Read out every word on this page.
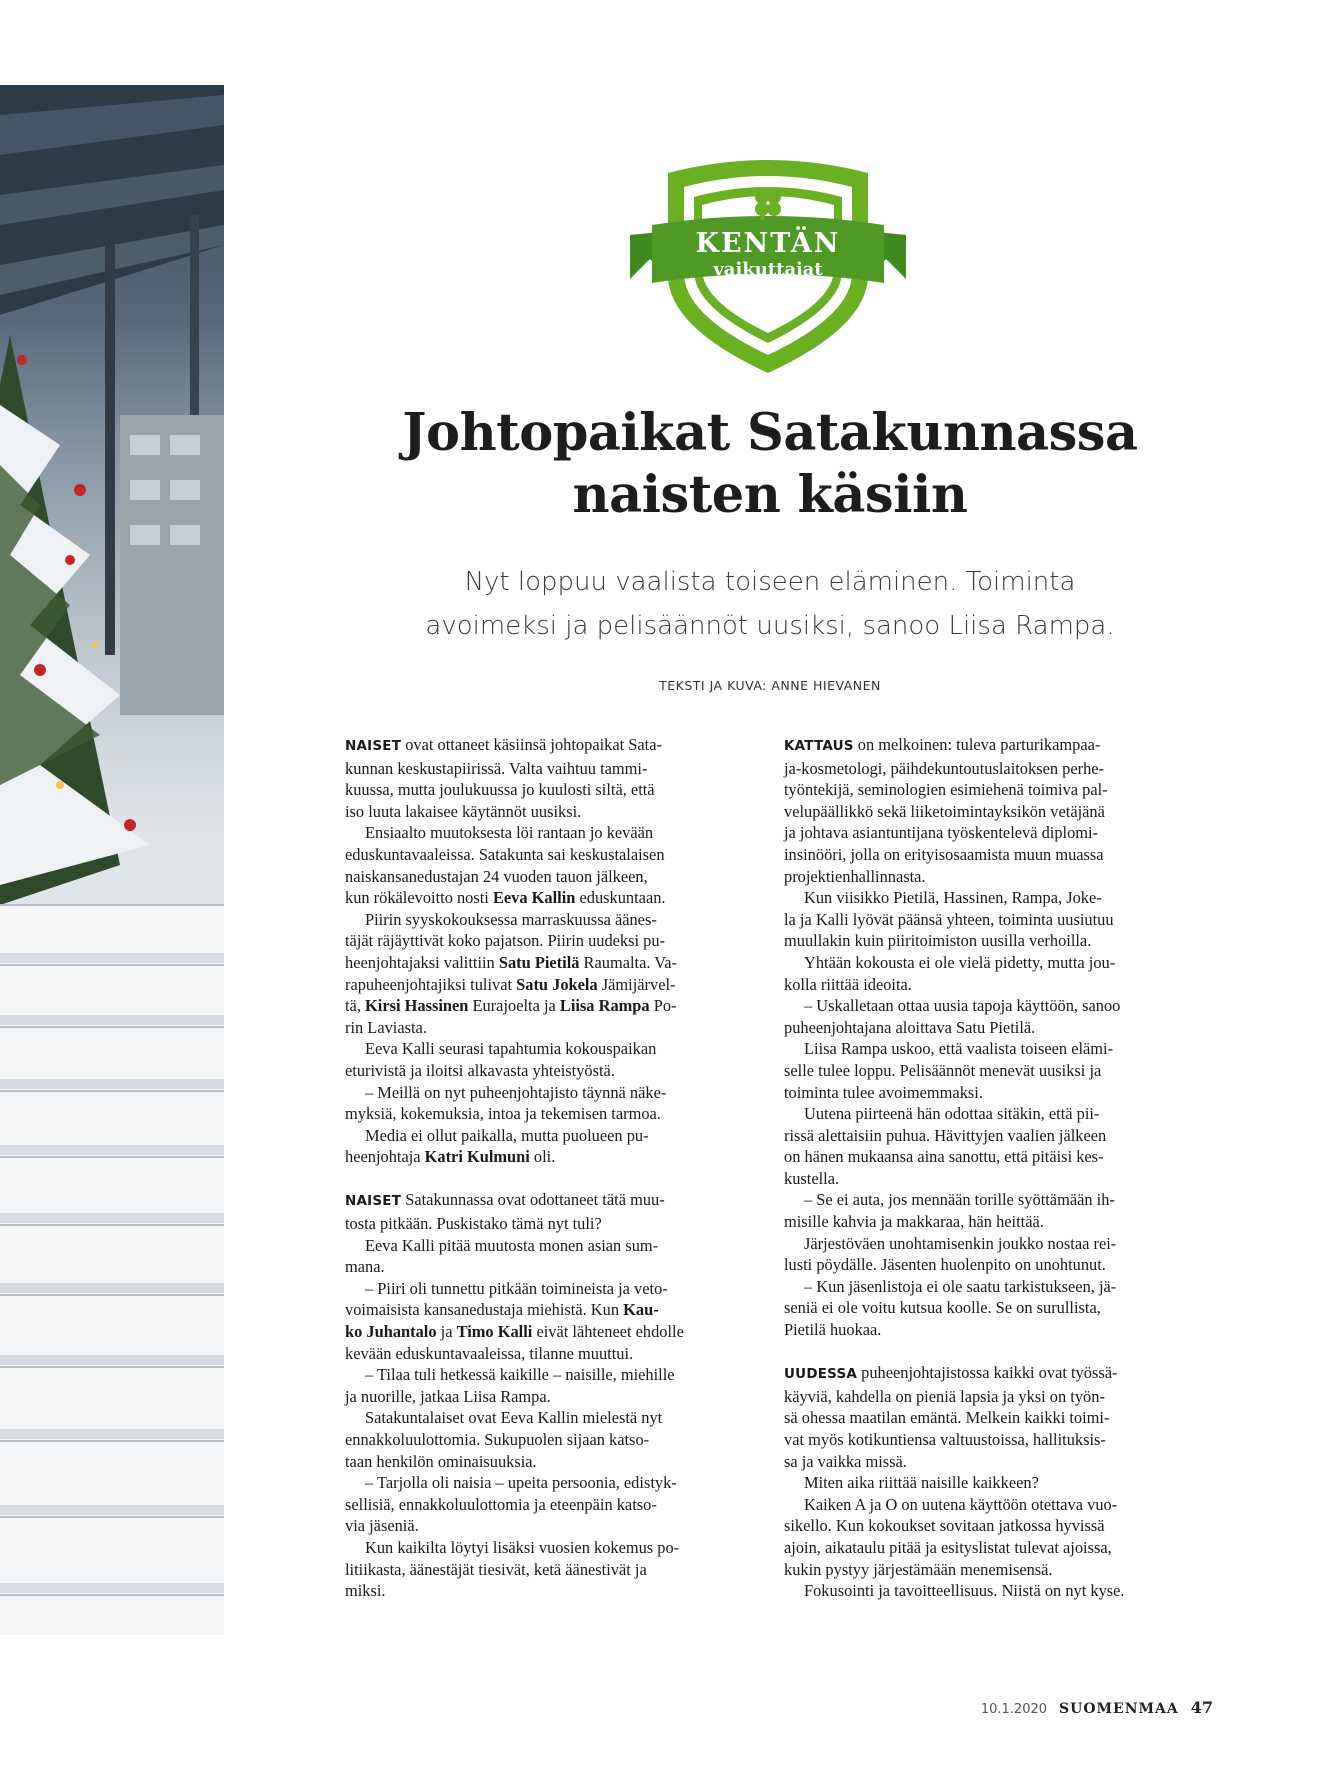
KENTÄN
vaikuttajat
Johtopaikat Satakunnassa
naisten käsiin

Nyt loppuu vaalista toiseen eläminen. Toiminta
avoimeksi ja pelisäännöt uusiksi, sanoo Liisa Rampa.

TEKSTI JA KUVA: ANNE HIEVANEN

NAISET ovat ottaneet käsiinsä johtopaikat Sata-
kunnan keskustapiirissä. Valta vaihtuu tammi-
kuussa, mutta joulukuussa jo kuulosti siltä, että
iso luuta lakaisee käytännöt uusiksi.
Ensiaalto muutoksesta löi rantaan jo kevään
eduskuntavaaleissa. Satakunta sai keskustalaisen
naiskansanedustajan 24 vuoden tauon jälkeen,
kun rökälevoitto nosti Eeva Kallin eduskuntaan.
Piirin syyskokouksessa marraskuussa äänes-
täjät räjäyttivät koko pajatson. Piirin uudeksi pu-
heenjohtajaksi valittiin Satu Pietilä Raumalta. Va-
rapuheenjohtajiksi tulivat Satu Jokela Jämijärvel-
tä, Kirsi Hassinen Eurajoelta ja Liisa Rampa Po-
rin Laviasta.
Eeva Kalli seurasi tapahtumia kokouspaikan
eturivistä ja iloitsi alkavasta yhteistyöstä.
– Meillä on nyt puheenjohtajisto täynnä näke-
myksiä, kokemuksia, intoa ja tekemisen tarmoa.
Media ei ollut paikalla, mutta puolueen pu-
heenjohtaja Katri Kulmuni oli.
NAISET Satakunnassa ovat odottaneet tätä muu-
tosta pitkään. Puskistako tämä nyt tuli?
Eeva Kalli pitää muutosta monen asian sum-
mana.
– Piiri oli tunnettu pitkään toimineista ja veto-
voimaisista kansanedustaja miehistä. Kun Kau-
ko Juhantalo ja Timo Kalli eivät lähteneet ehdolle
kevään eduskuntavaaleissa, tilanne muuttui.
– Tilaa tuli hetkessä kaikille – naisille, miehille
ja nuorille, jatkaa Liisa Rampa.
Satakuntalaiset ovat Eeva Kallin mielestä nyt
ennakkoluulottomia. Sukupuolen sijaan katso-
taan henkilön ominaisuuksia.
– Tarjolla oli naisia – upeita persoonia, edistyk-
sellisiä, ennakkoluulottomia ja eteenpäin katso-
via jäseniä.
Kun kaikilta löytyi lisäksi vuosien kokemus po-
litiikasta, äänestäjät tiesivät, ketä äänestivät ja
miksi.
KATTAUS on melkoinen: tuleva parturikampaa-
ja-kosmetologi, päihdekuntoutuslaitoksen perhe-
työntekijä, seminologien esimiehenä toimiva pal-
velupäällikkö sekä liiketoimintayksikön vetäjänä
ja johtava asiantuntijana työskentelevä diplomi-
insinööri, jolla on erityisosaamista muun muassa
projektienhallinnasta.
Kun viisikko Pietilä, Hassinen, Rampa, Joke-
la ja Kalli lyövät päänsä yhteen, toiminta uusiutuu
muullakin kuin piiritoimiston uusilla verhoilla.
Yhtään kokousta ei ole vielä pidetty, mutta jou-
kolla riittää ideoita.
– Uskalletaan ottaa uusia tapoja käyttöön, sanoo
puheenjohtajana aloittava Satu Pietilä.
Liisa Rampa uskoo, että vaalista toiseen elämi-
selle tulee loppu. Pelisäännöt menevät uusiksi ja
toiminta tulee avoimemmaksi.
Uutena piirteenä hän odottaa sitäkin, että pii-
rissä alettaisiin puhua. Hävittyjen vaalien jälkeen
on hänen mukaansa aina sanottu, että pitäisi kes-
kustella.
– Se ei auta, jos mennään torille syöttämään ih-
misille kahvia ja makkaraa, hän heittää.
Järjestöväen unohtamisenkin joukko nostaa rei-
lusti pöydälle. Jäsenten huolenpito on unohtunut.
– Kun jäsenlistoja ei ole saatu tarkistukseen, jä-
seniä ei ole voitu kutsua koolle. Se on surullista,
Pietilä huokaa.
UUDESSA puheenjohtajistossa kaikki ovat työssä-
käyviä, kahdella on pieniä lapsia ja yksi on työn-
sä ohessa maatilan emäntä. Melkein kaikki toimi-
vat myös kotikuntiensa valtuustoissa, hallituksis-
sa ja vaikka missä.
Miten aika riittää naisille kaikkeen?
Kaiken A ja O on uutena käyttöön otettava vuo-
sikello. Kun kokoukset sovitaan jatkossa hyvissä
ajoin, aikataulu pitää ja esityslistat tulevat ajoissa,
kukin pystyy järjestämään menemisensä.
Fokusointi ja tavoitteellisuus. Niistä on nyt kyse.
10.1.2020 SUOMENMAA 47
